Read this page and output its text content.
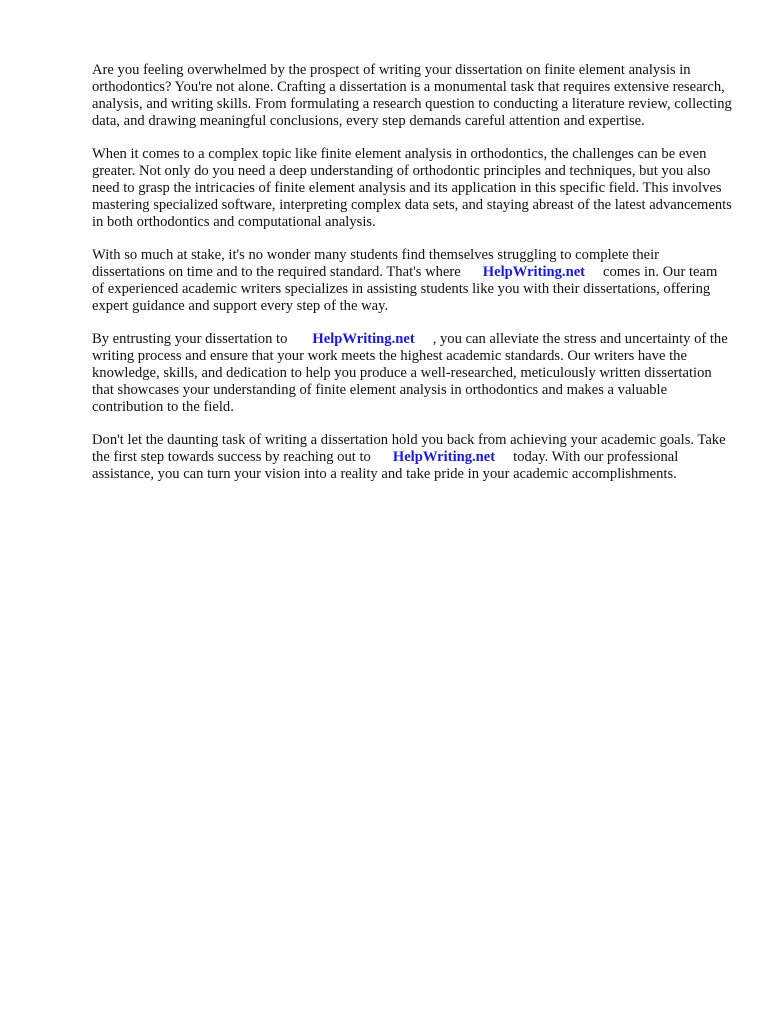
Are you feeling overwhelmed by the prospect of writing your dissertation on finite element analysis in orthodontics? You're not alone. Crafting a dissertation is a monumental task that requires extensive research, analysis, and writing skills. From formulating a research question to conducting a literature review, collecting data, and drawing meaningful conclusions, every step demands careful attention and expertise.

When it comes to a complex topic like finite element analysis in orthodontics, the challenges can be even greater. Not only do you need a deep understanding of orthodontic principles and techniques, but you also need to grasp the intricacies of finite element analysis and its application in this specific field. This involves mastering specialized software, interpreting complex data sets, and staying abreast of the latest advancements in both orthodontics and computational analysis.

With so much at stake, it's no wonder many students find themselves struggling to complete their dissertations on time and to the required standard. That's where HelpWriting.net comes in. Our team of experienced academic writers specializes in assisting students like you with their dissertations, offering expert guidance and support every step of the way.

By entrusting your dissertation to HelpWriting.net , you can alleviate the stress and uncertainty of the writing process and ensure that your work meets the highest academic standards. Our writers have the knowledge, skills, and dedication to help you produce a well-researched, meticulously written dissertation that showcases your understanding of finite element analysis in orthodontics and makes a valuable contribution to the field.

Don't let the daunting task of writing a dissertation hold you back from achieving your academic goals. Take the first step towards success by reaching out to HelpWriting.net today. With our professional assistance, you can turn your vision into a reality and take pride in your academic accomplishments.
